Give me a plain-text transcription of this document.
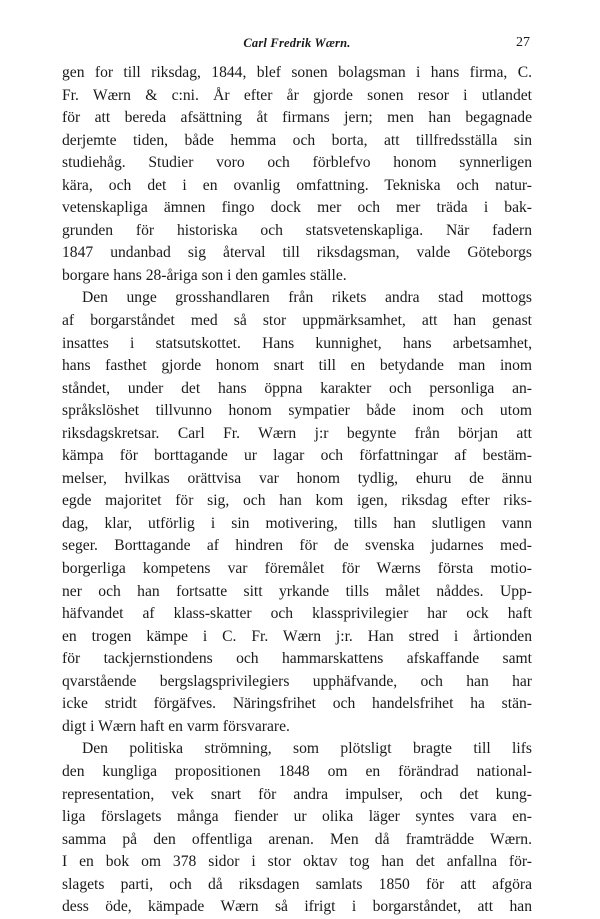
Carl Fredrik Wærn.	27
gen for till riksdag, 1844, blef sonen bolagsman i hans firma, C.
Fr. Wærn & c:ni. År efter år gjorde sonen resor i utlandet
för att bereda afsättning åt firmans jern; men han begagnade
derjemte tiden, både hemma och borta, att tillfredsställa sin
studiehåg. Studier voro och förblefvo honom synnerligen
kära, och det i en ovanlig omfattning. Tekniska och natur-
vetenskapliga ämnen fingo dock mer och mer träda i bak-
grunden för historiska och statsvetenskapliga. När fadern
1847 undanbad sig återval till riksdagsman, valde Göteborgs
borgare hans 28-åriga son i den gamles ställe.
Den unge grosshandlaren från rikets andra stad mottogs
af borgarståndet med så stor uppmärksamhet, att han genast
insattes i statsutskottet. Hans kunnighet, hans arbetsamhet,
hans fasthet gjorde honom snart till en betydande man inom
ståndet, under det hans öppna karakter och personliga an-
språkslöshet tillvunno honom sympatier både inom och utom
riksdagskretsar. Carl Fr. Wærn j:r begynte från början att
kämpa för borttagande ur lagar och författningar af bestäm-
melser, hvilkas orättvisa var honom tydlig, ehuru de ännu
egde majoritet för sig, och han kom igen, riksdag efter riks-
dag, klar, utförlig i sin motivering, tills han slutligen vann
seger. Borttagande af hindren för de svenska judarnes med-
borgerliga kompetens var föremålet för Wærns första motio-
ner och han fortsatte sitt yrkande tills målet nåddes. Upp-
häfvandet af klass-skatter och klassprivilegier har ock haft
en trogen kämpe i C. Fr. Wærn j:r. Han stred i årtionden
för tackjernstiondens och hammarskattens afskaffande samt
qvarstående bergslagsprivilegiers upphäfvande, och han har
icke stridt förgäfves. Näringsfrihet och handelsfrihet ha stän-
digt i Wærn haft en varm försvarare.
Den politiska strömning, som plötsligt bragte till lifs
den kungliga propositionen 1848 om en förändrad national-
representation, vek snart för andra impulser, och det kung-
liga förslagets många fiender ur olika läger syntes vara en-
samma på den offentliga arenan. Men då framträdde Wærn.
I en bok om 378 sidor i stor oktav tog han det anfallna för-
slagets parti, och då riksdagen samlats 1850 för att afgöra
dess öde, kämpade Wærn så ifrigt i borgarståndet, att han
